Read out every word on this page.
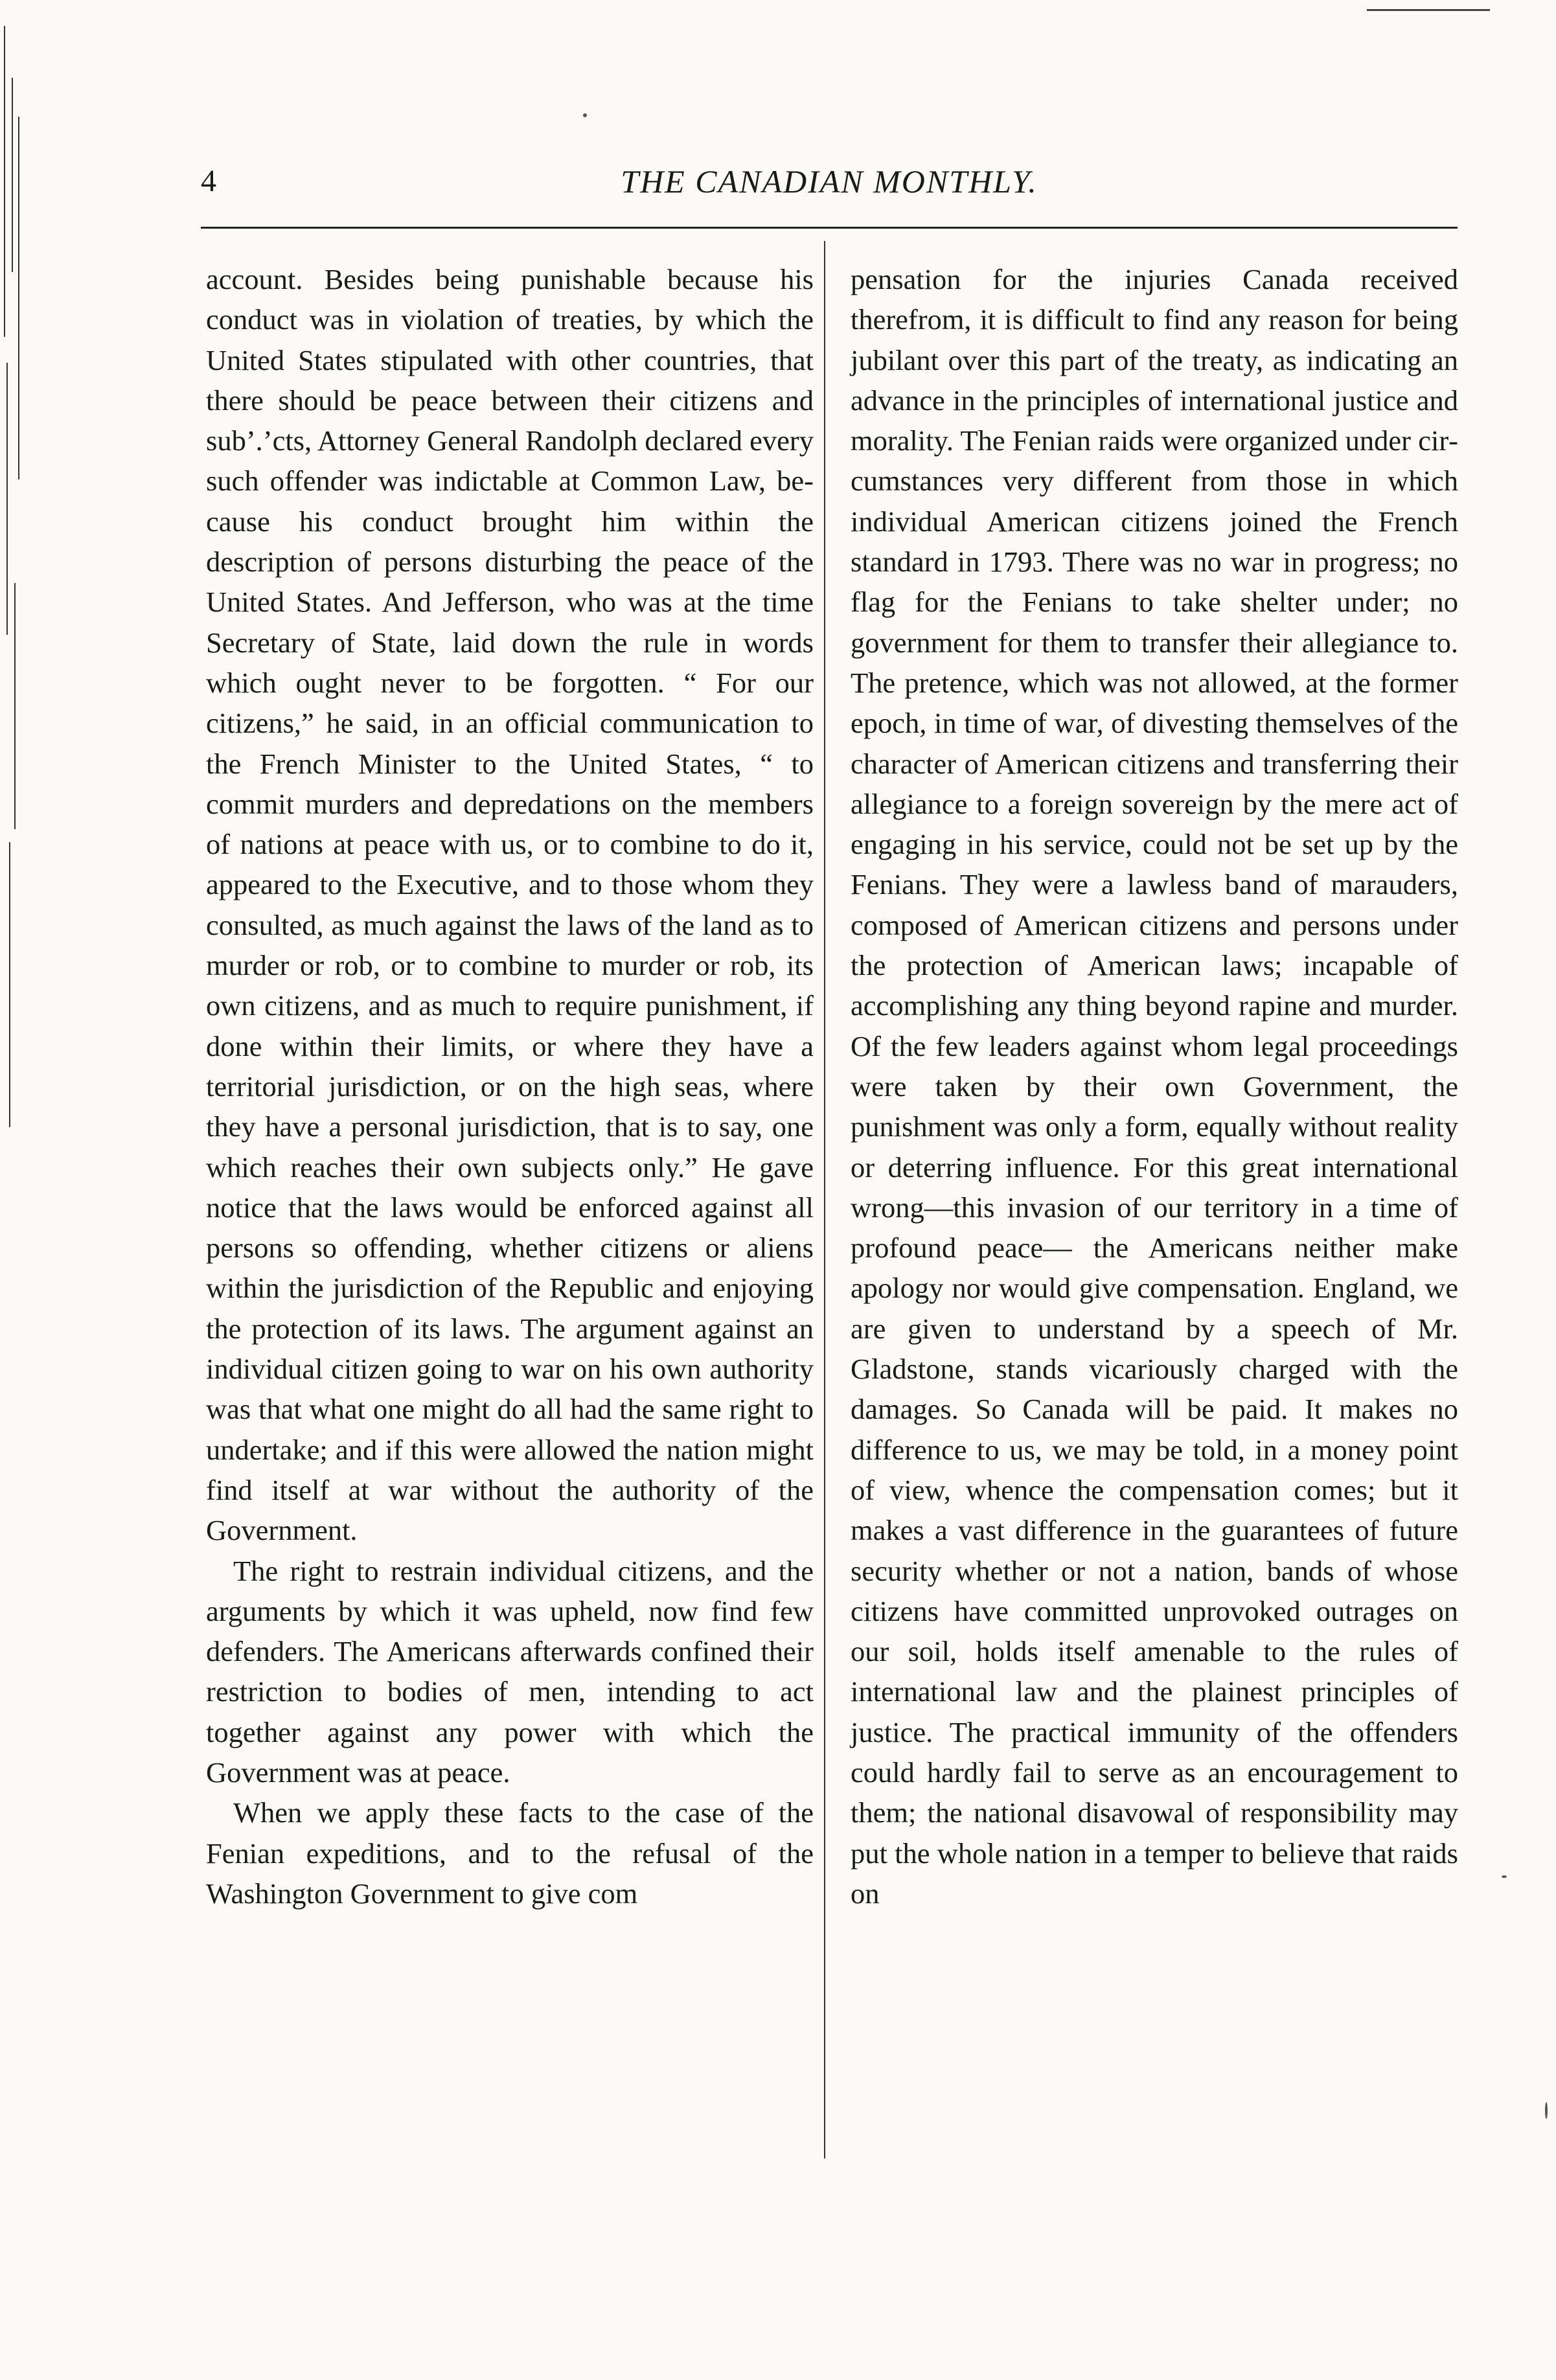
4	THE CANADIAN MONTHLY.

account. Besides being punishable because his conduct was in violation of treaties, by which the United States stipulated with other countries, that there should be peace between their citizens and sub’.’cts, Attorney General Randolph declared every such offender was indictable at Common Law, because his conduct brought him within the description of persons disturbing the peace of the United States. And Jefferson, who was at the time Secretary of State, laid down the rule in words which ought never to be forgotten. “ For our citizens,” he said, in an official communication to the French Minister to the United States, “ to commit murders and depredations on the members of nations at peace with us, or to combine to do it, appeared to the Executive, and to those whom they consulted, as much against the laws of the land as to murder or rob, or to combine to murder or rob, its own citizens, and as much to require punishment, if done within their limits, or where they have a territorial jurisdiction, or on the high seas, where they have a personal jurisdiction, that is to say, one which reaches their own subjects only.” He gave notice that the laws would be enforced against all persons so offending, whether citizens or aliens within the jurisdiction of the Republic and enjoying the protection of its laws. The argument against an individual citizen going to war on his own authority was that what one might do all had the same right to undertake; and if this were allowed the nation might find itself at war without the authority of the Government.

The right to restrain individual citizens, and the arguments by which it was upheld, now find few defenders. The Americans afterwards confined their restriction to bodies of men, intending to act together against any power with which the Government was at peace.

When we apply these facts to the case of the Fenian expeditions, and to the refusal of the Washington Government to give com

pensation for the injuries Canada received therefrom, it is difficult to find any reason for being jubilant over this part of the treaty, as indicating an advance in the principles of international justice and morality. The Fenian raids were organized under circumstances very different from those in which individual American citizens joined the French standard in 1793. There was no war in progress; no flag for the Fenians to take shelter under; no government for them to transfer their allegiance to. The pretence, which was not allowed, at the former epoch, in time of war, of divesting themselves of the character of American citizens and transferring their allegiance to a foreign sovereign by the mere act of engaging in his service, could not be set up by the Fenians. They were a lawless band of marauders, composed of American citizens and persons under the protection of American laws; incapable of accomplishing any thing beyond rapine and murder. Of the few leaders against whom legal proceedings were taken by their own Government, the punishment was only a form, equally without reality or deterring influence. For this great international wrong—this invasion of our territory in a time of profound peace— the Americans neither make apology nor would give compensation. England, we are given to understand by a speech of Mr. Gladstone, stands vicariously charged with the damages. So Canada will be paid. It makes no difference to us, we may be told, in a money point of view, whence the compensation comes; but it makes a vast difference in the guarantees of future security whether or not a nation, bands of whose citizens have committed unprovoked outrages on our soil, holds itself amenable to the rules of international law and the plainest principles of justice. The practical immunity of the offenders could hardly fail to serve as an encouragement to them; the national disavowal of responsibility may put the whole nation in a temper to believe that raids on
